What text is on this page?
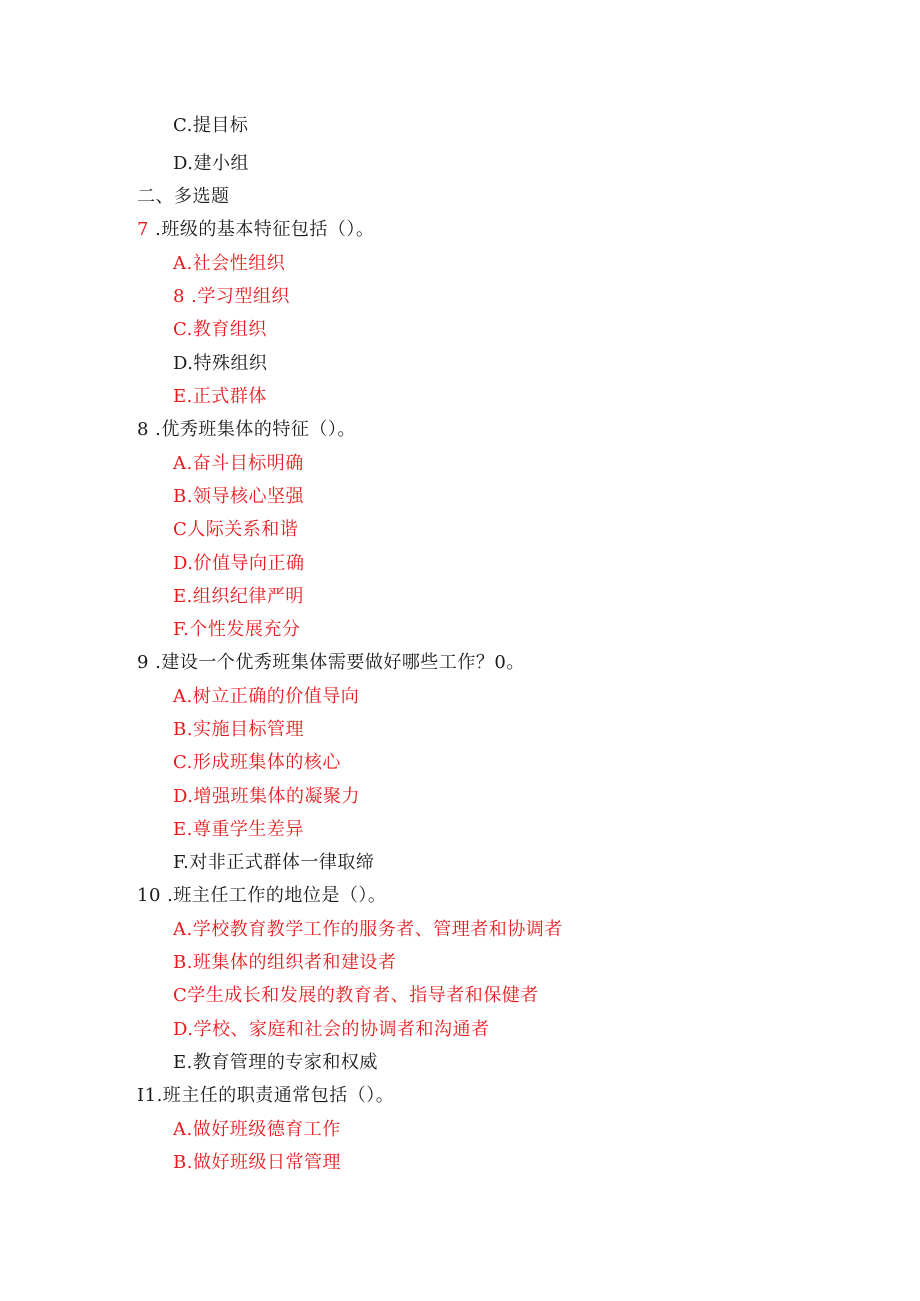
C.提目标
D.建小组
二、多选题
7 .班级的基本特征包括（）。
A.社会性组织
8 .学习型组织
C.教育组织
D.特殊组织
E.正式群体
8 .优秀班集体的特征（）。
A.奋斗目标明确
B.领导核心坚强
C人际关系和谐
D.价值导向正确
E.组织纪律严明
F.个性发展充分
9 .建设一个优秀班集体需要做好哪些工作？0。
A.树立正确的价值导向
B.实施目标管理
C.形成班集体的核心
D.增强班集体的凝聚力
E.尊重学生差异
F.对非正式群体一律取缔
10 .班主任工作的地位是（）。
A.学校教育教学工作的服务者、管理者和协调者
B.班集体的组织者和建设者
C学生成长和发展的教育者、指导者和保健者
D.学校、家庭和社会的协调者和沟通者
E.教育管理的专家和权威
I1.班主任的职责通常包括（）。
A.做好班级德育工作
B.做好班级日常管理
